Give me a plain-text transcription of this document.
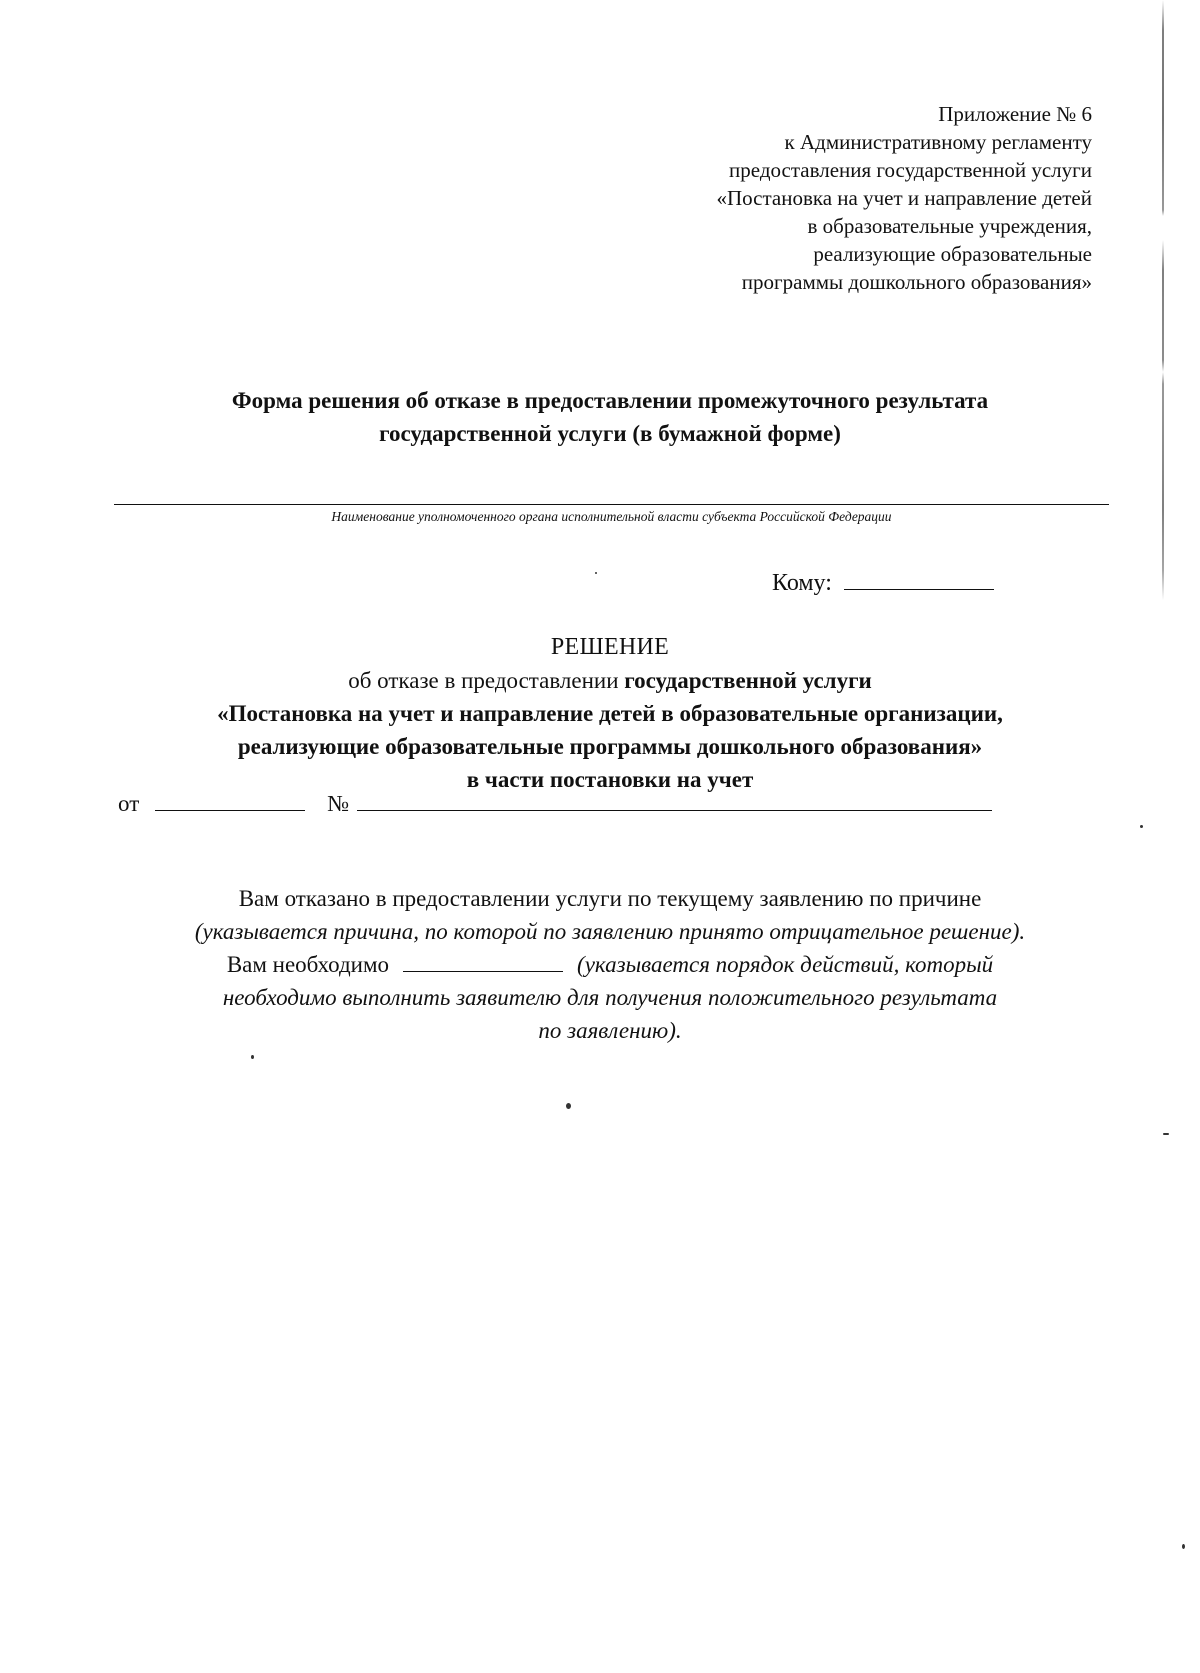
Приложение № 6
к Административному регламенту
предоставления государственной услуги
«Постановка на учет и направление детей
в образовательные учреждения,
реализующие образовательные
программы дошкольного образования»
Форма решения об отказе в предоставлении промежуточного результата
государственной услуги (в бумажной форме)
Наименование уполномоченного органа исполнительной власти субъекта Российской Федерации
Кому:
РЕШЕНИЕ
об отказе в предоставлении государственной услуги
«Постановка на учет и направление детей в образовательные организации,
реализующие образовательные программы дошкольного образования»
в части постановки на учет
от	№
Вам отказано в предоставлении услуги по текущему заявлению по причине
(указывается причина, по которой по заявлению принято отрицательное решение).
Вам необходимо	(указывается порядок действий, который
необходимо выполнить заявителю для получения положительного результата
по заявлению).
